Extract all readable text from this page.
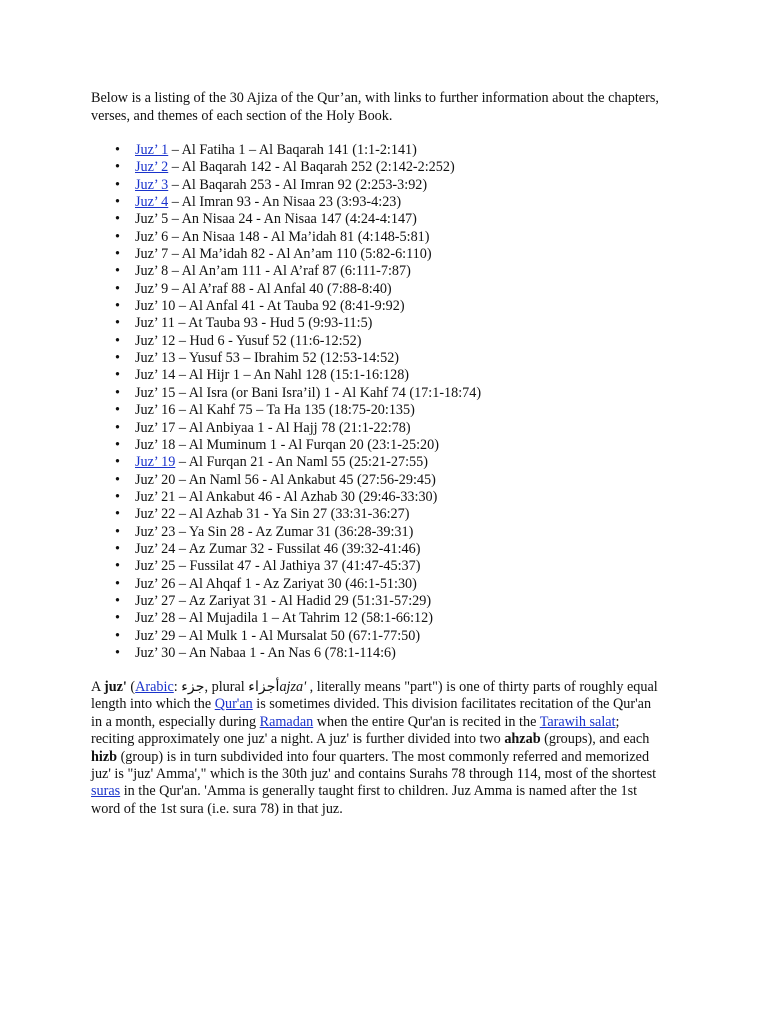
Below is a listing of the 30 Ajiza of the Qur’an, with links to further information about the chapters, verses, and themes of each section of the Holy Book.

• Juz’ 1 – Al Fatiha 1 – Al Baqarah 141 (1:1-2:141)
• Juz’ 2 – Al Baqarah 142 - Al Baqarah 252 (2:142-2:252)
• Juz’ 3 – Al Baqarah 253 - Al Imran 92 (2:253-3:92)
• Juz’ 4 – Al Imran 93 - An Nisaa 23 (3:93-4:23)
• Juz’ 5 – An Nisaa 24 - An Nisaa 147 (4:24-4:147)
• Juz’ 6 – An Nisaa 148 - Al Ma’idah 81 (4:148-5:81)
• Juz’ 7 – Al Ma’idah 82 - Al An’am 110 (5:82-6:110)
• Juz’ 8 – Al An’am 111 - Al A’raf 87 (6:111-7:87)
• Juz’ 9 – Al A’raf 88 - Al Anfal 40 (7:88-8:40)
• Juz’ 10 – Al Anfal 41 - At Tauba 92 (8:41-9:92)
• Juz’ 11 – At Tauba 93 - Hud 5 (9:93-11:5)
• Juz’ 12 – Hud 6 - Yusuf 52 (11:6-12:52)
• Juz’ 13 – Yusuf 53 – Ibrahim 52 (12:53-14:52)
• Juz’ 14 – Al Hijr 1 – An Nahl 128 (15:1-16:128)
• Juz’ 15 – Al Isra (or Bani Isra’il) 1 - Al Kahf 74 (17:1-18:74)
• Juz’ 16 – Al Kahf 75 – Ta Ha 135 (18:75-20:135)
• Juz’ 17 – Al Anbiyaa 1 - Al Hajj 78 (21:1-22:78)
• Juz’ 18 – Al Muminum 1 - Al Furqan 20 (23:1-25:20)
• Juz’ 19 – Al Furqan 21 - An Naml 55 (25:21-27:55)
• Juz’ 20 – An Naml 56 - Al Ankabut 45 (27:56-29:45)
• Juz’ 21 – Al Ankabut 46 - Al Azhab 30 (29:46-33:30)
• Juz’ 22 – Al Azhab 31 - Ya Sin 27 (33:31-36:27)
• Juz’ 23 – Ya Sin 28 - Az Zumar 31 (36:28-39:31)
• Juz’ 24 – Az Zumar 32 - Fussilat 46 (39:32-41:46)
• Juz’ 25 – Fussilat 47 - Al Jathiya 37 (41:47-45:37)
• Juz’ 26 – Al Ahqaf 1 - Az Zariyat 30 (46:1-51:30)
• Juz’ 27 – Az Zariyat 31 - Al Hadid 29 (51:31-57:29)
• Juz’ 28 – Al Mujadila 1 – At Tahrim 12 (58:1-66:12)
• Juz’ 29 – Al Mulk 1 - Al Mursalat 50 (67:1-77:50)
• Juz’ 30 – An Nabaa 1 - An Nas 6 (78:1-114:6)

A juz' (Arabic: جزء, plural أجزاءajza' , literally means "part") is one of thirty parts of roughly equal length into which the Qur'an is sometimes divided. This division facilitates recitation of the Qur'an in a month, especially during Ramadan when the entire Qur'an is recited in the Tarawih salat; reciting approximately one juz' a night. A juz' is further divided into two ahzab (groups), and each hizb (group) is in turn subdivided into four quarters. The most commonly referred and memorized juz' is "juz' Amma'," which is the 30th juz' and contains Surahs 78 through 114, most of the shortest suras in the Qur'an. 'Amma is generally taught first to children. Juz Amma is named after the 1st word of the 1st sura (i.e. sura 78) in that juz.
